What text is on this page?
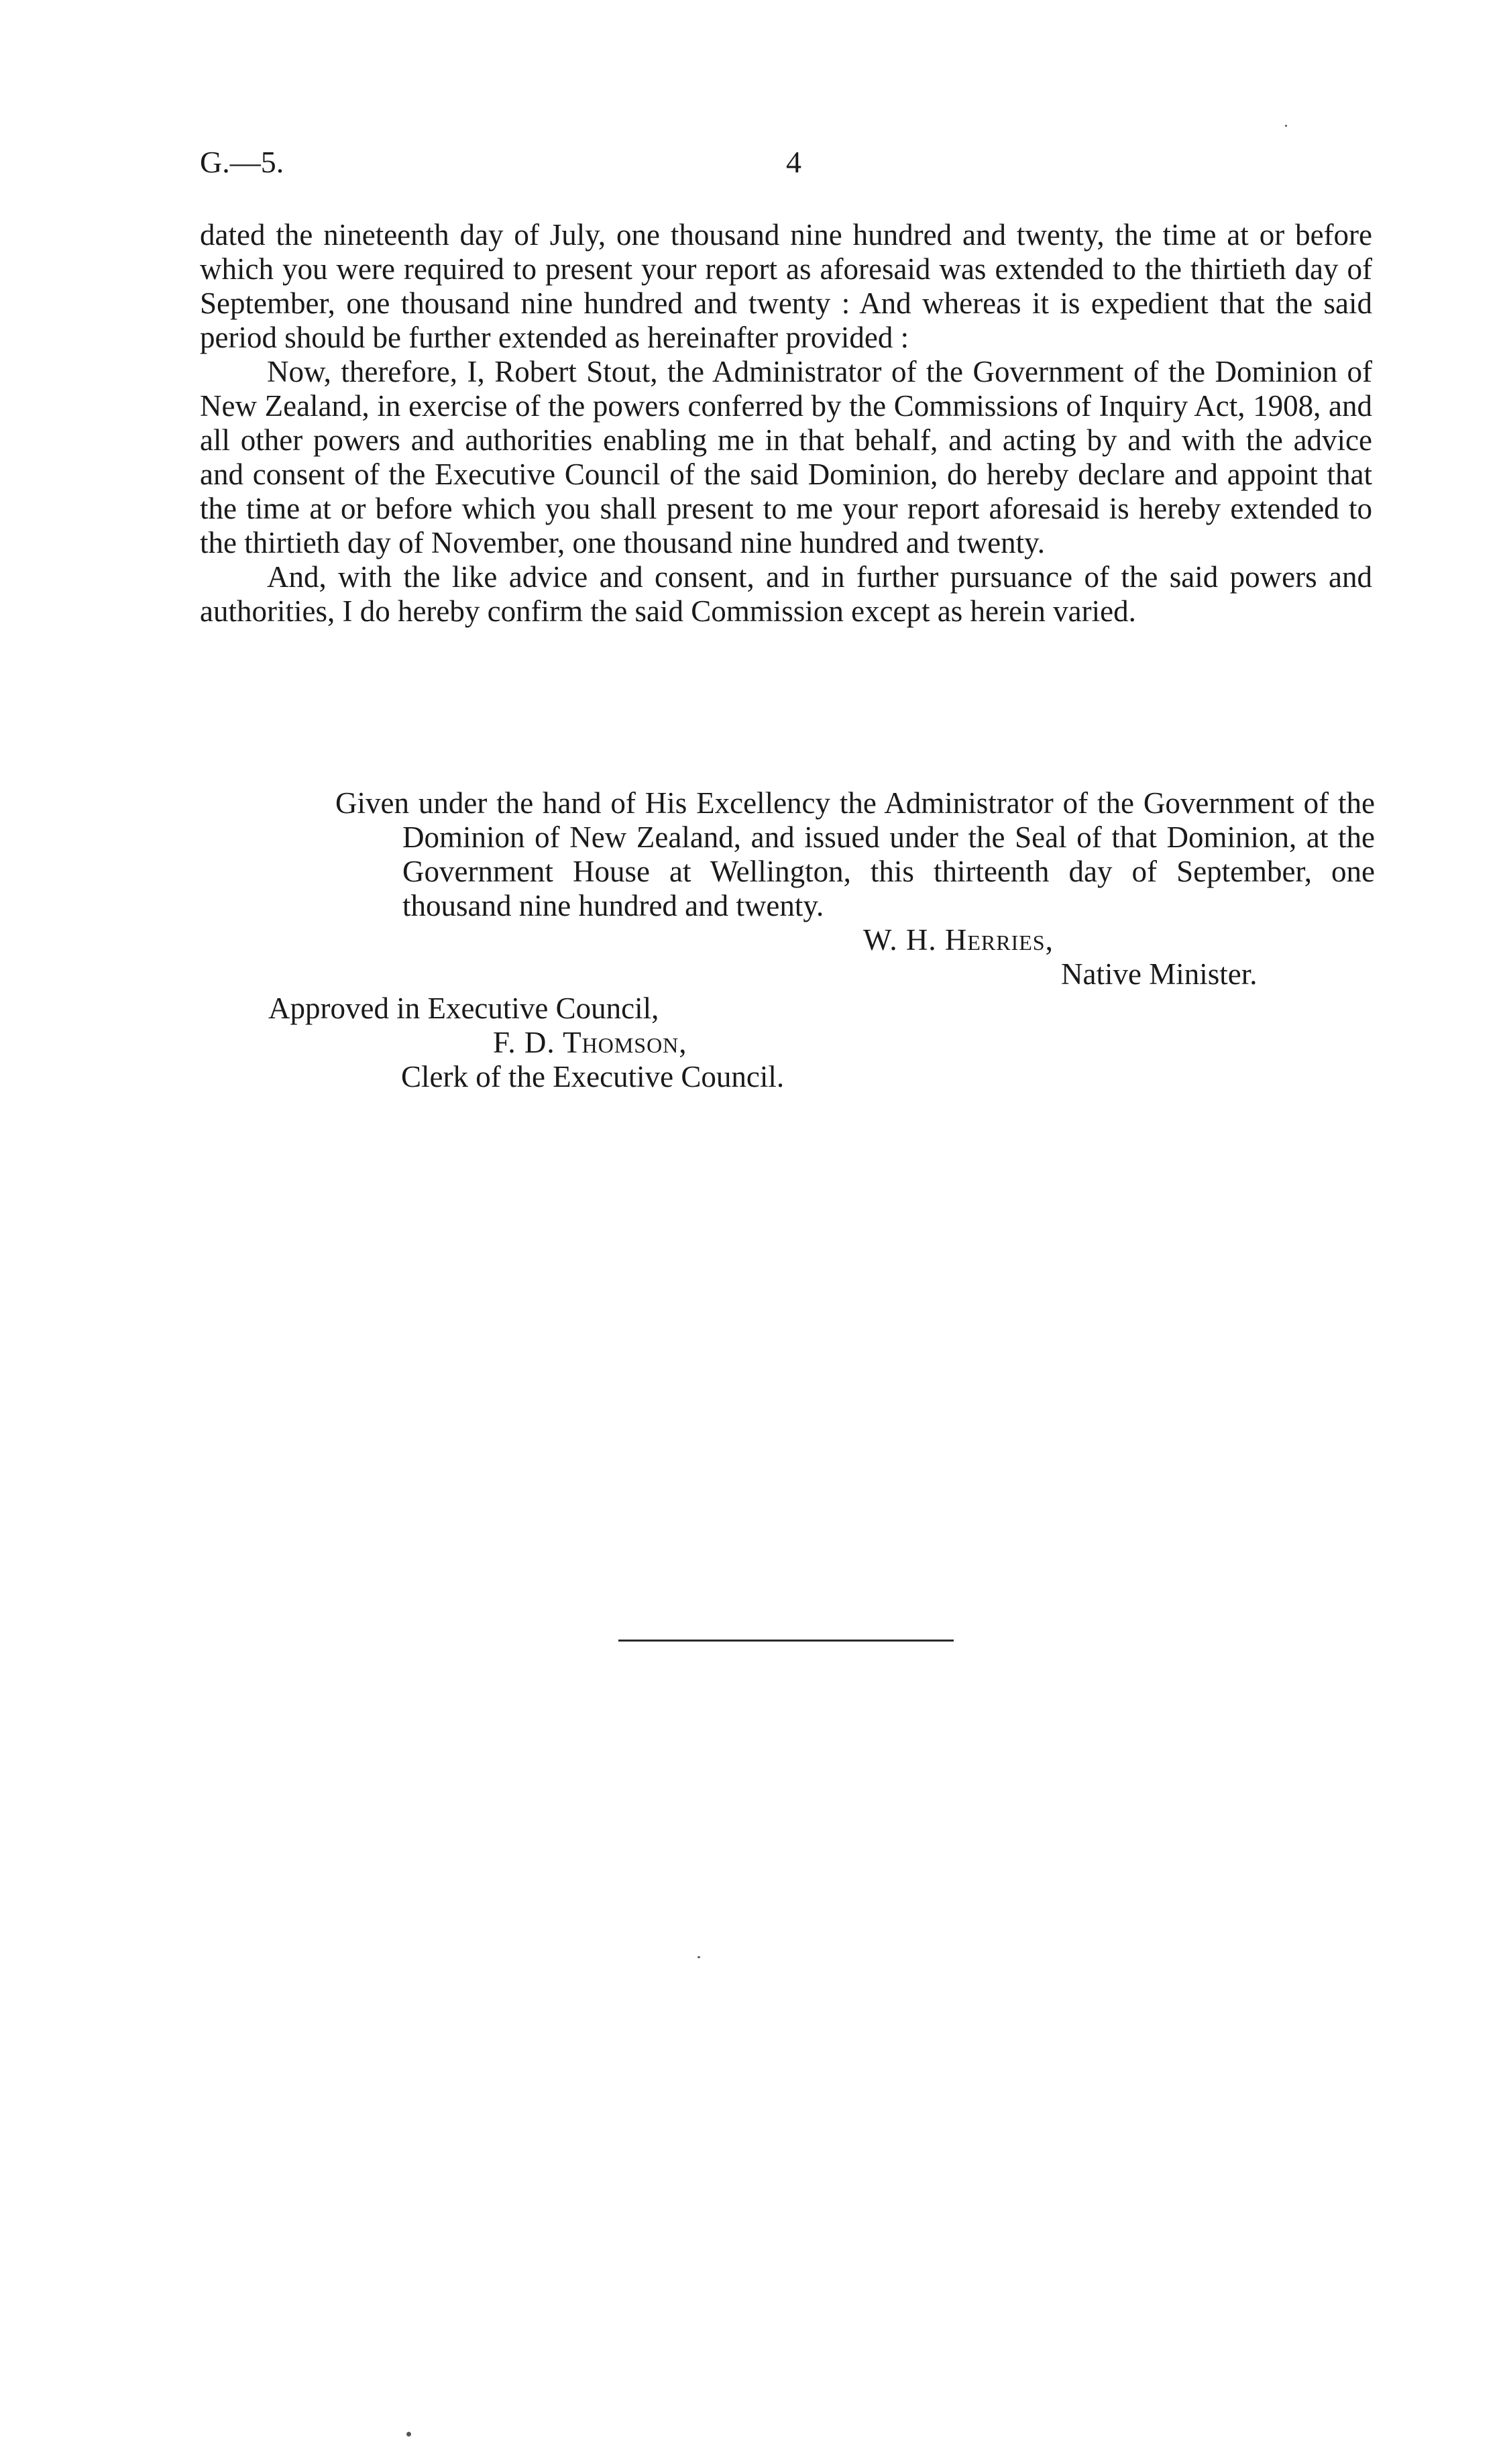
G.—5.	4

dated the nineteenth day of July, one thousand nine hundred and twenty, the time at or before which you were required to present your report as aforesaid was extended to the thirtieth day of September, one thousand nine hundred and twenty : And whereas it is expedient that the said period should be further extended as hereinafter provided :

Now, therefore, I, Robert Stout, the Administrator of the Government of the Dominion of New Zealand, in exercise of the powers conferred by the Commissions of Inquiry Act, 1908, and all other powers and authorities enabling me in that behalf, and acting by and with the advice and consent of the Executive Council of the said Dominion, do hereby declare and appoint that the time at or before which you shall present to me your report aforesaid is hereby extended to the thirtieth day of November, one thousand nine hundred and twenty.

And, with the like advice and consent, and in further pursuance of the said powers and authorities, I do hereby confirm the said Commission except as herein varied.

Given under the hand of His Excellency the Administrator of the Government of the Dominion of New Zealand, and issued under the Seal of that Dominion, at the Government House at Wellington, this thirteenth day of September, one thousand nine hundred and twenty.
W. H. Herries,
Native Minister.
Approved in Executive Council,
F. D. Thomson,
Clerk of the Executive Council.
